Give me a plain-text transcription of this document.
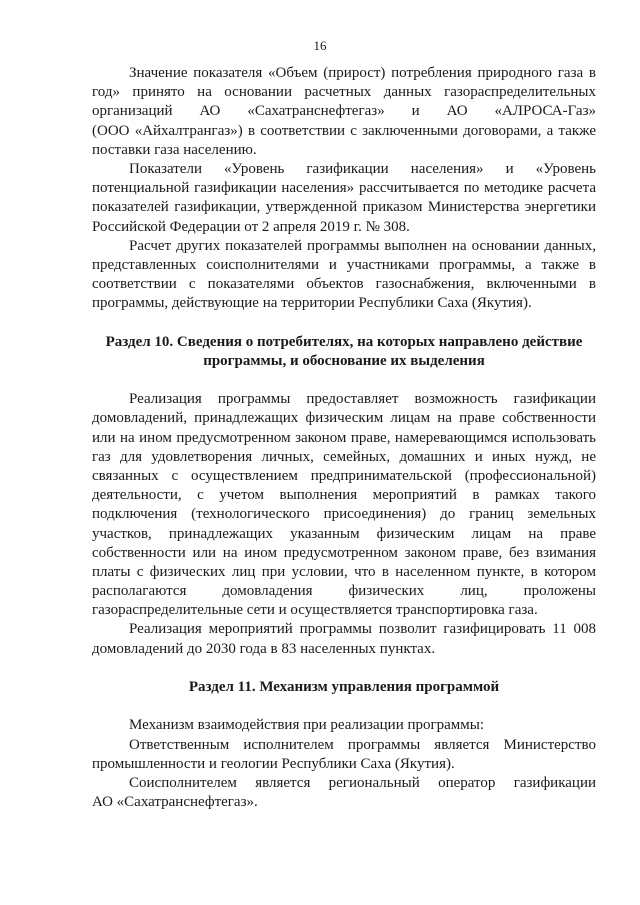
16
Значение показателя «Объем (прирост) потребления природного газа в
год» принято на основании расчетных данных газораспределительных
организаций АО «Сахатранснефтегаз» и АО «АЛРОСА-Газ»
(ООО «Айхалтрангаз») в соответствии с заключенными договорами, а также
поставки газа населению.
Показатели «Уровень газификации населения» и «Уровень
потенциальной газификации населения» рассчитывается по методике расчета
показателей газификации, утвержденной приказом Министерства энергетики
Российской Федерации от 2 апреля 2019 г. № 308.
Расчет других показателей программы выполнен на основании данных,
представленных соисполнителями и участниками программы, а также в
соответствии с показателями объектов газоснабжения, включенными в
программы, действующие на территории Республики Саха (Якутия).
Раздел 10. Сведения о потребителях, на которых направлено действие
программы, и обоснование их выделения
Реализация программы предоставляет возможность газификации
домовладений, принадлежащих физическим лицам на праве собственности
или на ином предусмотренном законом праве, намеревающимся использовать
газ для удовлетворения личных, семейных, домашних и иных нужд, не
связанных с осуществлением предпринимательской (профессиональной)
деятельности, с учетом выполнения мероприятий в рамках такого
подключения (технологического присоединения) до границ земельных
участков, принадлежащих указанным физическим лицам на праве
собственности или на ином предусмотренном законом праве, без взимания
платы с физических лиц при условии, что в населенном пункте, в котором
располагаются домовладения физических лиц, проложены
газораспределительные сети и осуществляется транспортировка газа.
Реализация мероприятий программы позволит газифицировать 11 008
домовладений до 2030 года в 83 населенных пунктах.
Раздел 11. Механизм управления программой
Механизм взаимодействия при реализации программы:
Ответственным исполнителем программы является Министерство
промышленности и геологии Республики Саха (Якутия).
Соисполнителем является региональный оператор газификации
АО «Сахатранснефтегаз».
